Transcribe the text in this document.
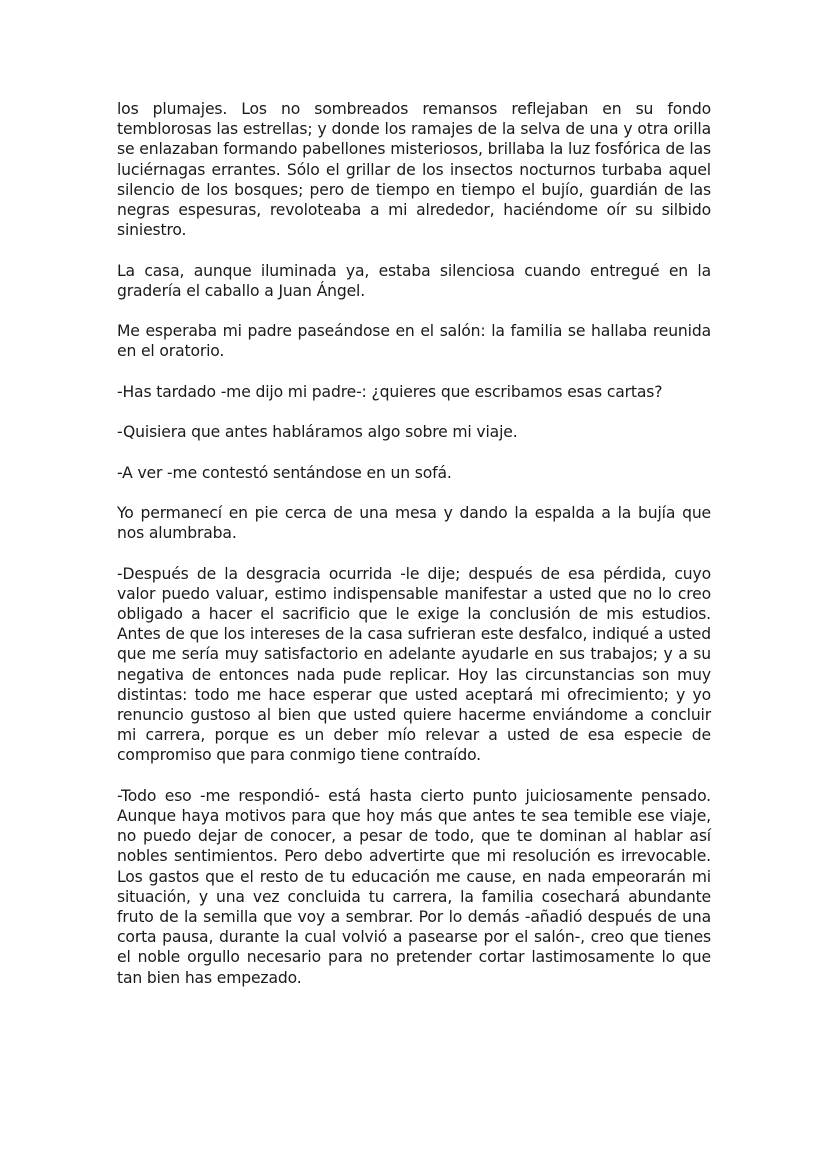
los plumajes. Los no sombreados remansos reflejaban en su fondo temblorosas las estrellas; y donde los ramajes de la selva de una y otra orilla se enlazaban formando pabellones misteriosos, brillaba la luz fosfórica de las luciérnagas errantes. Sólo el grillar de los insectos nocturnos turbaba aquel silencio de los bosques; pero de tiempo en tiempo el bujío, guardián de las negras espesuras, revoloteaba a mi alrededor, haciéndome oír su silbido siniestro.

La casa, aunque iluminada ya, estaba silenciosa cuando entregué en la gradería el caballo a Juan Ángel.

Me esperaba mi padre paseándose en el salón: la familia se hallaba reunida en el oratorio.

-Has tardado -me dijo mi padre-: ¿quieres que escribamos esas cartas?

-Quisiera que antes habláramos algo sobre mi viaje.

-A ver -me contestó sentándose en un sofá.

Yo permanecí en pie cerca de una mesa y dando la espalda a la bujía que nos alumbraba.

-Después de la desgracia ocurrida -le dije; después de esa pérdida, cuyo valor puedo valuar, estimo indispensable manifestar a usted que no lo creo obligado a hacer el sacrificio que le exige la conclusión de mis estudios. Antes de que los intereses de la casa sufrieran este desfalco, indiqué a usted que me sería muy satisfactorio en adelante ayudarle en sus trabajos; y a su negativa de entonces nada pude replicar. Hoy las circunstancias son muy distintas: todo me hace esperar que usted aceptará mi ofrecimiento; y yo renuncio gustoso al bien que usted quiere hacerme enviándome a concluir mi carrera, porque es un deber mío relevar a usted de esa especie de compromiso que para conmigo tiene contraído.

-Todo eso -me respondió- está hasta cierto punto juiciosamente pensado. Aunque haya motivos para que hoy más que antes te sea temible ese viaje, no puedo dejar de conocer, a pesar de todo, que te dominan al hablar así nobles sentimientos. Pero debo advertirte que mi resolución es irrevocable. Los gastos que el resto de tu educación me cause, en nada empeorarán mi situación, y una vez concluida tu carrera, la familia cosechará abundante fruto de la semilla que voy a sembrar. Por lo demás -añadió después de una corta pausa, durante la cual volvió a pasearse por el salón-, creo que tienes el noble orgullo necesario para no pretender cortar lastimosamente lo que tan bien has empezado.
